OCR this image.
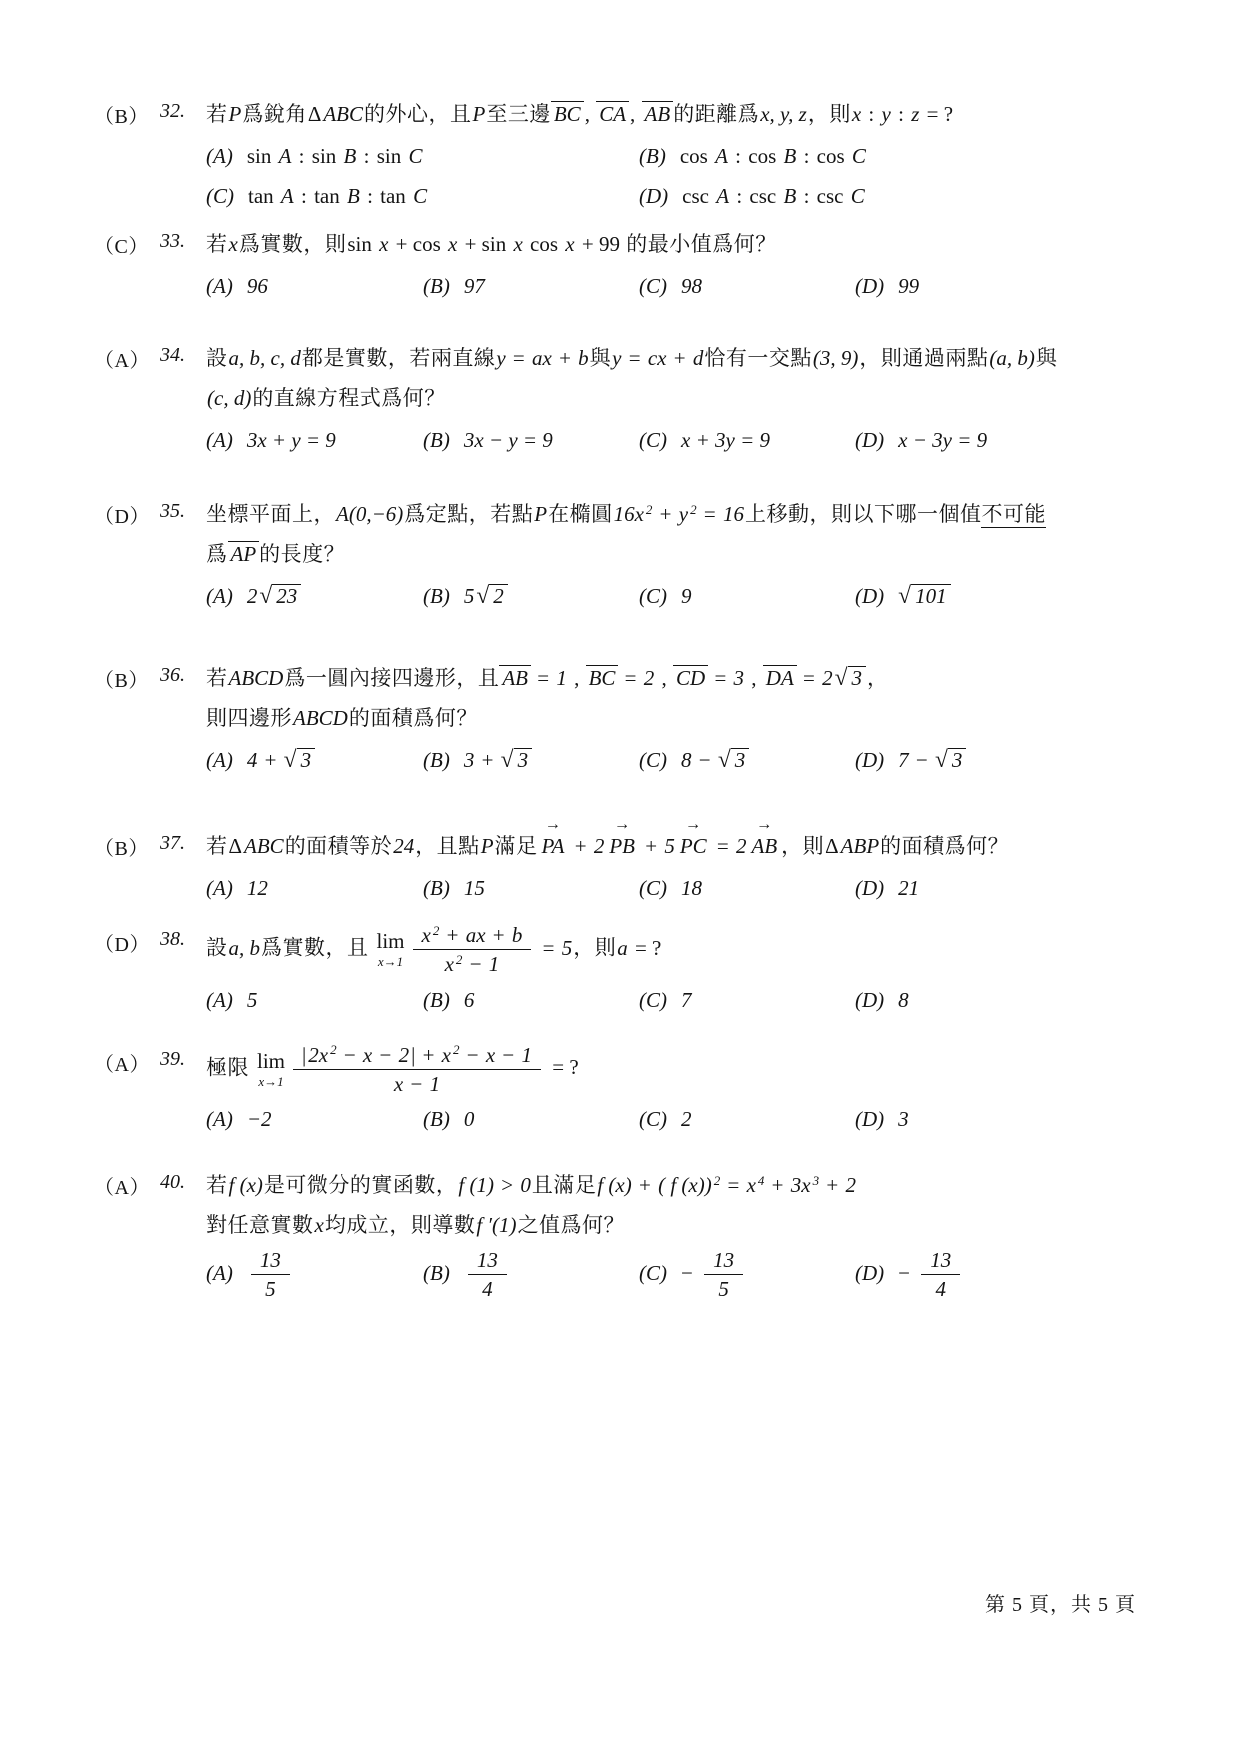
（B） 32.	若P爲銳角ΔABC的外心，且P至三邊 BC , CA , AB 的距離爲x, y, z，則x : y : z = ?
(A) sin A : sin B : sin C	(B) cos A : cos B : cos C
(C) tan A : tan B : tan C	(D) csc A : csc B : csc C
（C） 33.	若x爲實數，則sin x + cos x + sin x cos x + 99 的最小值爲何？
(A) 96	(B) 97	(C) 98	(D) 99
（A） 34.	設a, b, c, d都是實數，若兩直線y = ax + b與y = cx + d恰有一交點(3, 9)，則通過兩點(a, b)與
(c, d)的直線方程式爲何？
(A) 3x + y = 9	(B) 3x − y = 9	(C) x + 3y = 9	(D) x − 3y = 9
（D） 35.	坐標平面上，A(0,−6)爲定點，若點P在橢圓16x $^2$ + y $^2$ = 16上移動，則以下哪一個值不可能
爲 AP 的長度？
(A) 2√ 23	(B) 5√ 2	(C) 9	(D) √ 101
（B） 36.	若ABCD爲一圓內接四邊形，且 AB = 1 , BC = 2 , CD = 3 , DA = 2√ 3 ，
則四邊形ABCD的面積爲何？
(A) 4 + √ 3	(B) 3 + √ 3	(C) 8 − √ 3	(D) 7 − √ 3
（B） 37.	若ΔABC的面積等於24，且點P滿足
→
PA + 2
→
PB + 5
→
PC = 2
→
AB ，則ΔABP的面積爲何？
(A) 12	(B) 15	(C) 18	(D) 21
（D） 38.	設a, b爲實數，且 lim
$x\to 1 \frac{x ^2 + ax + b}{x ^2 - 1} = 5$，則a = ?
(A) 5	(B) 6	(C) 7	(D) 8
（A） 39.	極限 lim
$x\to 1 \frac{|2x ^2 - x - 2| + x ^2 - x - 1}{x - 1}$ = ?
(A) −2	(B) 0	(C) 2	(D) 3
（A） 40.	若f (x)是可微分的實函數，f (1) > 0且滿足f (x) + ( f (x)) $^2$ = x $^4$ + 3x $^3$ + 2
對任意實數x均成立，則導數f ′(1)之值爲何？
$(A) \frac{13}{5}$	$(B) \frac{13}{4}$	$(C) - \frac{13}{5}$	$(D) - \frac{13}{4}$
第 5 頁，共 5 頁
